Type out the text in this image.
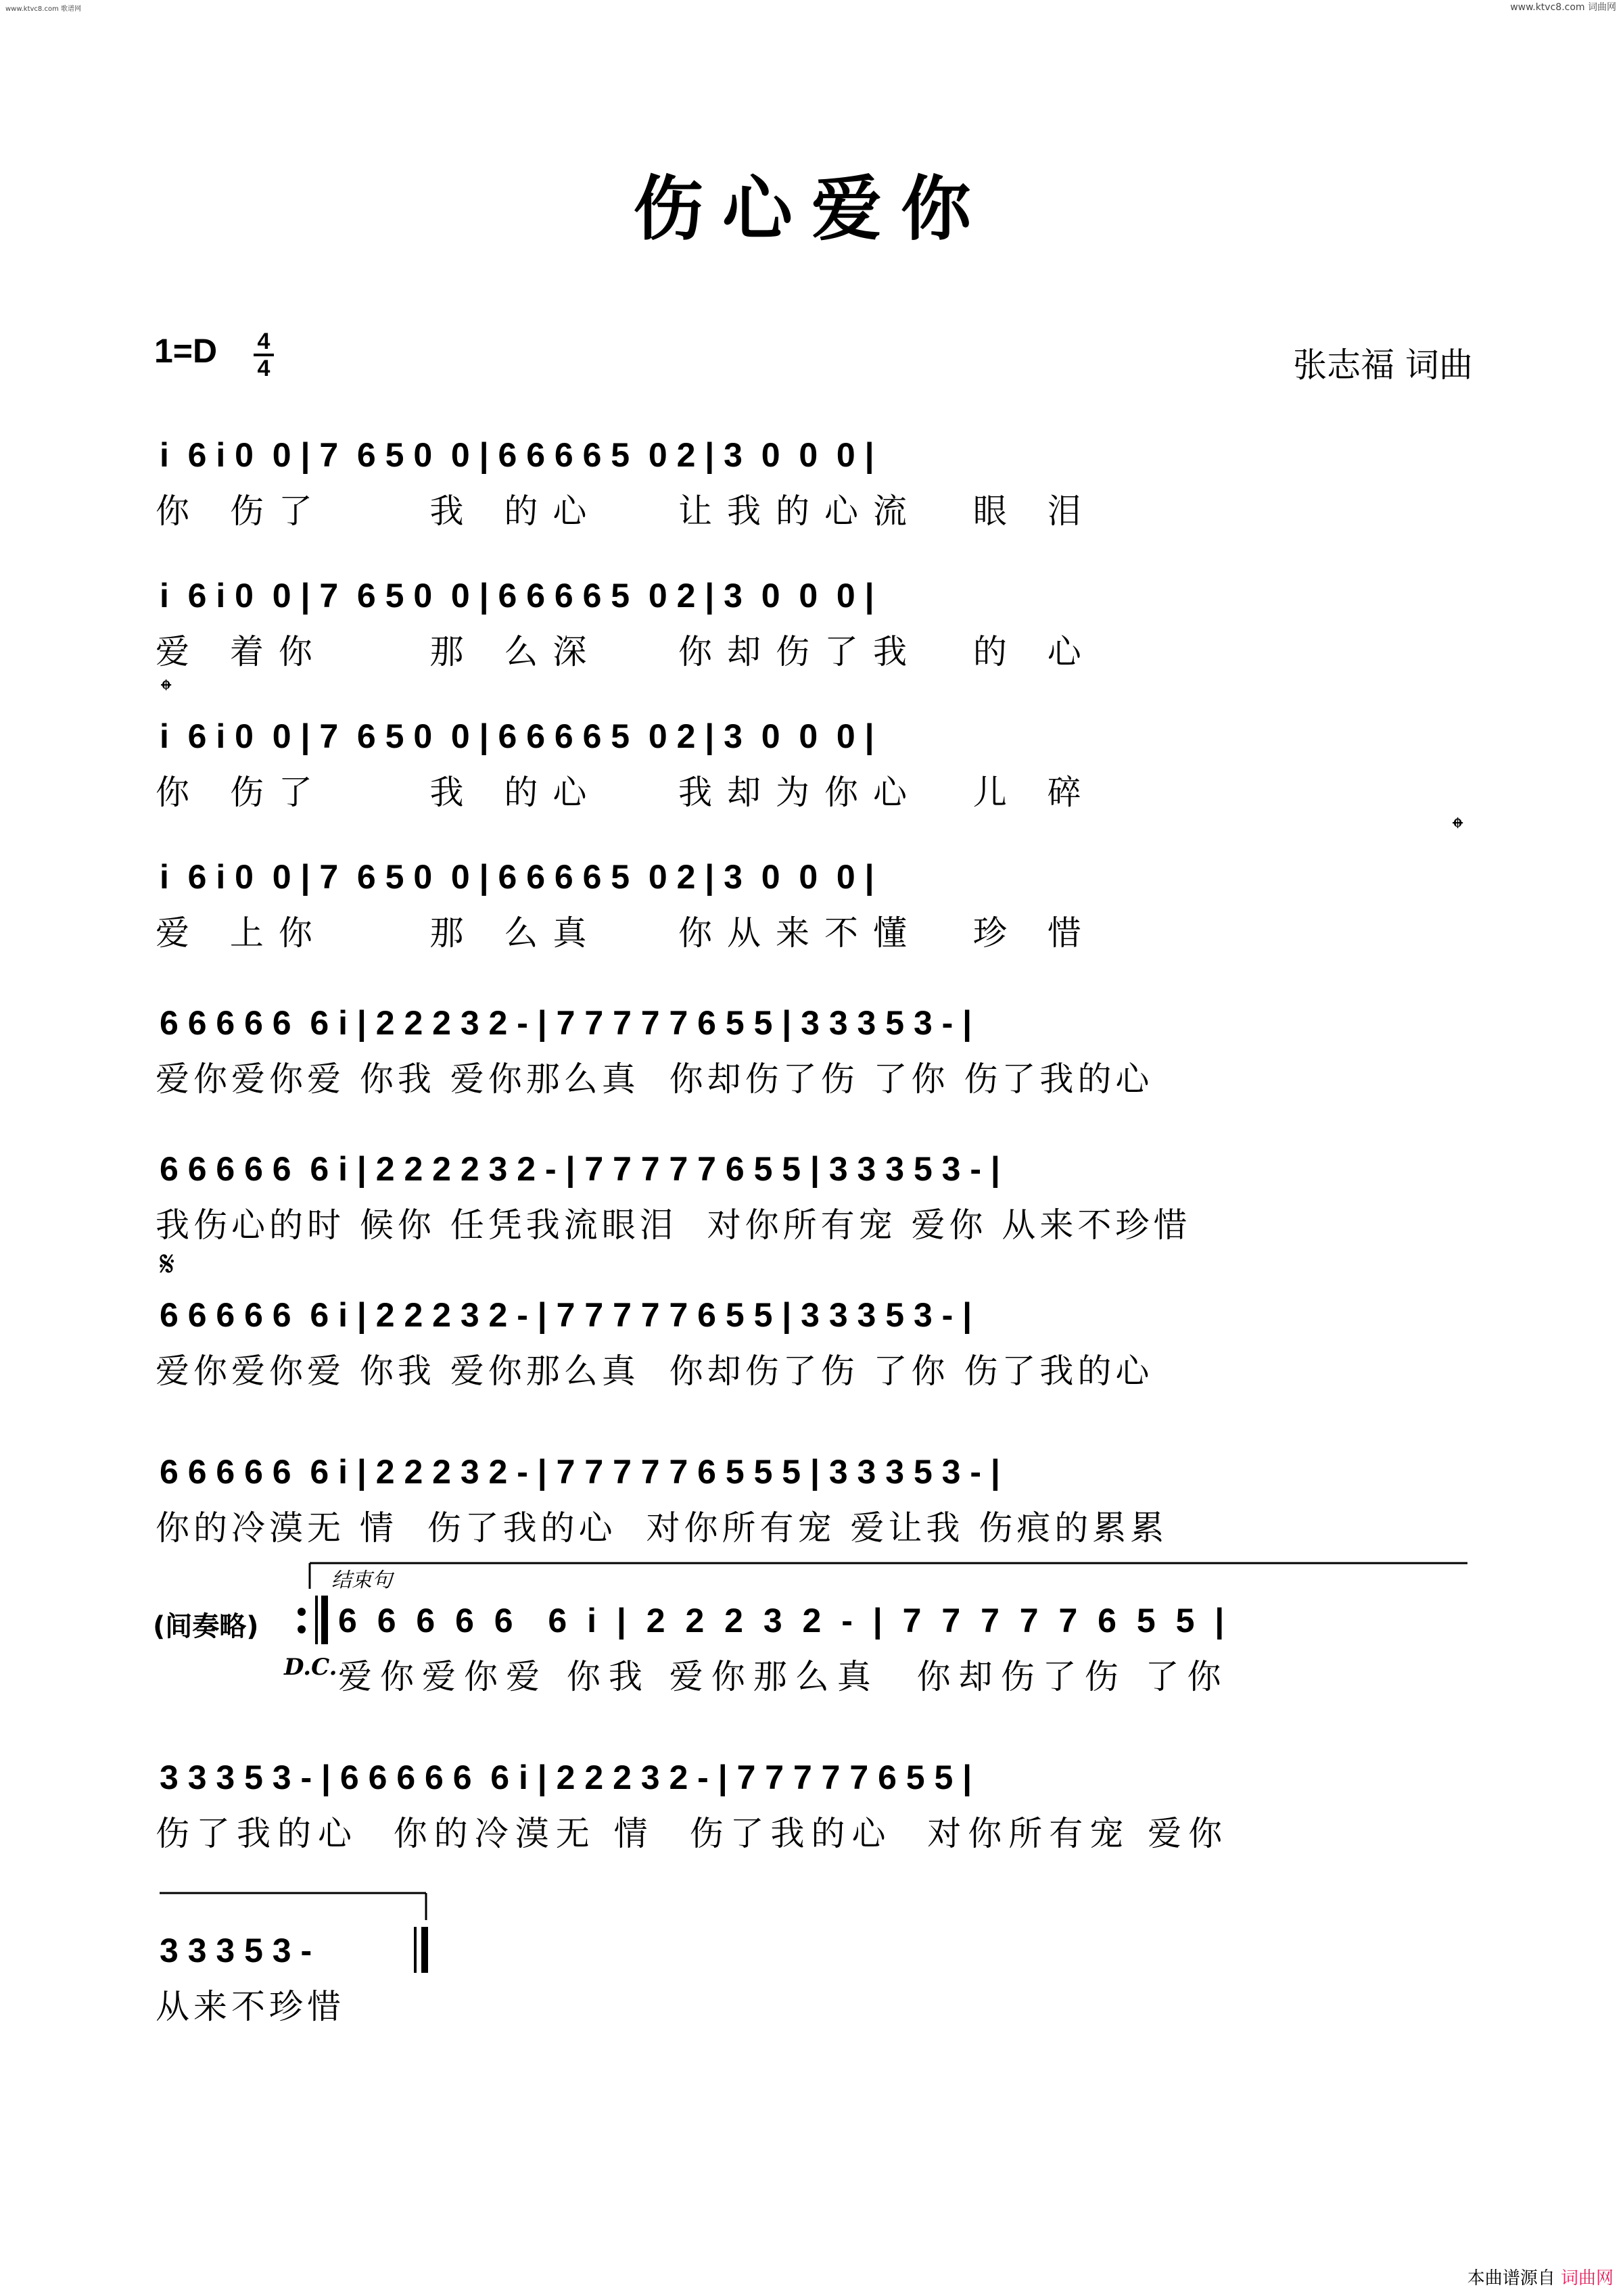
www.ktvc8.com 歌谱网	www.ktvc8.com 词曲网
伤心爱你
1=D 4
4	张志福 词曲
i  6 i 0  0 | 7  6 5 0  0 | 6 6 6 6 5  0 2 | 3  0  0  0 |
你 伤了    我 的心   让我的心流  眼 泪
i  6 i 0  0 | 7  6 5 0  0 | 6 6 6 6 5  0 2 | 3  0  0  0 |
爱 着你    那 么深   你却伤了我  的 心
𝄌
i  6 i 0  0 | 7  6 5 0  0 | 6 6 6 6 5  0 2 | 3  0  0  0 |
你 伤了    我 的心   我却为你心  儿 碎
𝄌
i  6 i 0  0 | 7  6 5 0  0 | 6 6 6 6 5  0 2 | 3  0  0  0 |
爱 上你    那 么真   你从来不懂  珍 惜
6 6 6 6 6  6 i | 2 2 2 3 2 - | 7 7 7 7 7 6 5 5 | 3 3 3 5 3 - |
爱你爱你爱 你我 爱你那么真  你却伤了伤 了你 伤了我的心
6 6 6 6 6  6 i | 2 2 2 2 3 2 - | 7 7 7 7 7 6 5 5 | 3 3 3 5 3 - |
我伤心的时 候你 任凭我流眼泪  对你所有宠 爱你 从来不珍惜
𝄋
6 6 6 6 6  6 i | 2 2 2 3 2 - | 7 7 7 7 7 6 5 5 | 3 3 3 5 3 - |
爱你爱你爱 你我 爱你那么真  你却伤了伤 了你 伤了我的心
6 6 6 6 6  6 i | 2 2 2 3 2 - | 7 7 7 7 7 6 5 5 5 | 3 3 3 5 3 - |
你的冷漠无 情  伤了我的心  对你所有宠 爱让我 伤痕的累累
结束句
(间奏略) 6 6 6 6 6  6 i | 2 2 2 3 2 - | 7 7 7 7 7 6 5 5 |
D.C. 爱你爱你爱 你我 爱你那么真  你却伤了伤 了你
3 3 3 5 3 - | 6 6 6 6 6  6 i | 2 2 2 3 2 - | 7 7 7 7 7 6 5 5 |
伤了我的心  你的冷漠无 情  伤了我的心  对你所有宠 爱你
3 3 3 5 3 -
从来不珍惜
本曲谱源自 词曲网
